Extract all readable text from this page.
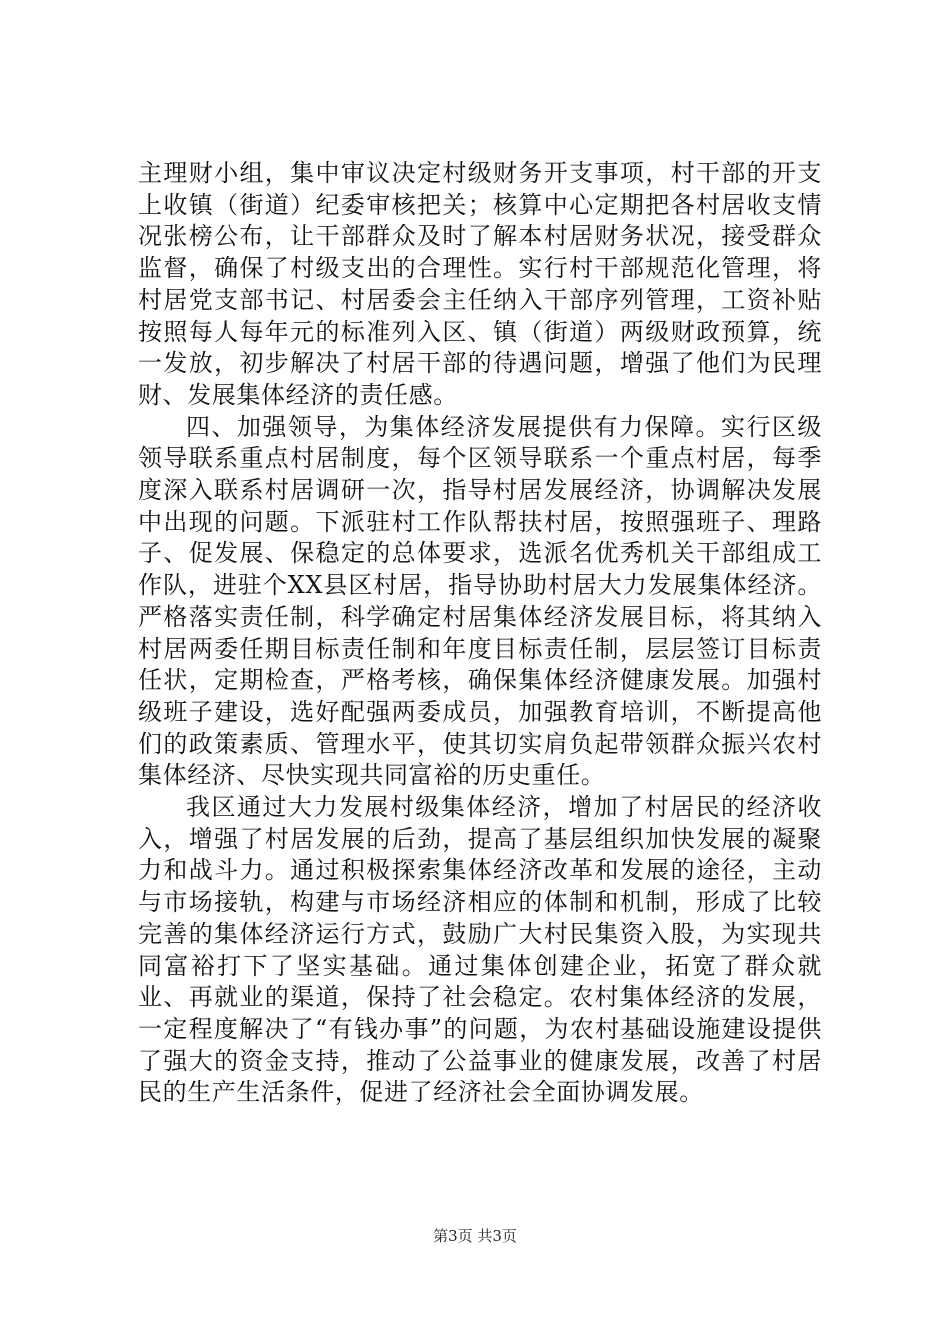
主理财小组，集中审议决定村级财务开支事项，村干部的开支上收镇（街道）纪委审核把关；核算中心定期把各村居收支情况张榜公布，让干部群众及时了解本村居财务状况，接受群众监督，确保了村级支出的合理性。实行村干部规范化管理，将村居党支部书记、村居委会主任纳入干部序列管理，工资补贴按照每人每年元的标准列入区、镇（街道）两级财政预算，统一发放，初步解决了村居干部的待遇问题，增强了他们为民理财、发展集体经济的责任感。

四、加强领导，为集体经济发展提供有力保障。实行区级领导联系重点村居制度，每个区领导联系一个重点村居，每季度深入联系村居调研一次，指导村居发展经济，协调解决发展中出现的问题。下派驻村工作队帮扶村居，按照强班子、理路子、促发展、保稳定的总体要求，选派名优秀机关干部组成工作队，进驻个XX县区村居，指导协助村居大力发展集体经济。严格落实责任制，科学确定村居集体经济发展目标，将其纳入村居两委任期目标责任制和年度目标责任制，层层签订目标责任状，定期检查，严格考核，确保集体经济健康发展。加强村级班子建设，选好配强两委成员，加强教育培训，不断提高他们的政策素质、管理水平，使其切实肩负起带领群众振兴农村集体经济、尽快实现共同富裕的历史重任。

我区通过大力发展村级集体经济，增加了村居民的经济收入，增强了村居发展的后劲，提高了基层组织加快发展的凝聚力和战斗力。通过积极探索集体经济改革和发展的途径，主动与市场接轨，构建与市场经济相应的体制和机制，形成了比较完善的集体经济运行方式，鼓励广大村民集资入股，为实现共同富裕打下了坚实基础。通过集体创建企业，拓宽了群众就业、再就业的渠道，保持了社会稳定。农村集体经济的发展，一定程度解决了“有钱办事”的问题，为农村基础设施建设提供了强大的资金支持，推动了公益事业的健康发展，改善了村居民的生产生活条件，促进了经济社会全面协调发展。

第3页 共3页
